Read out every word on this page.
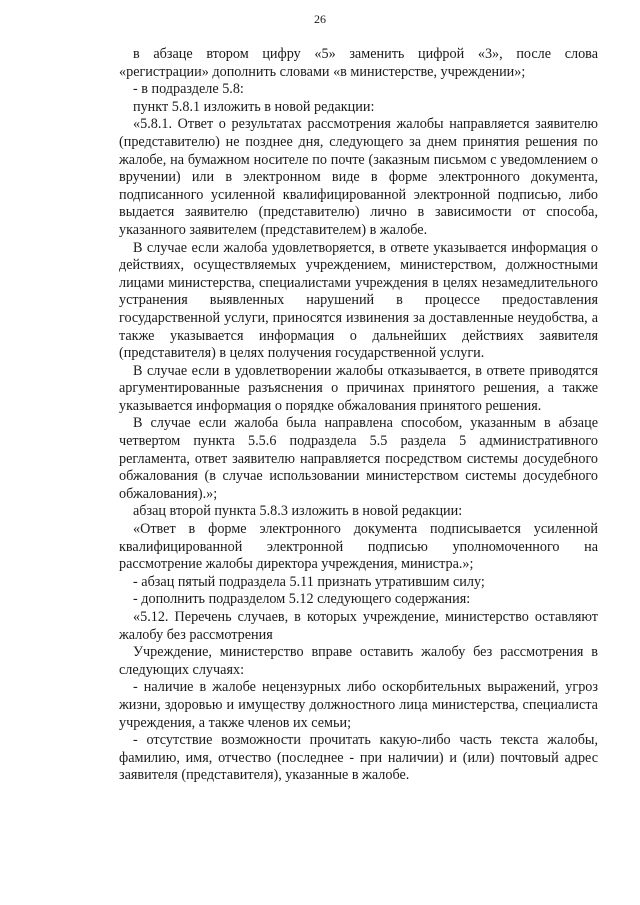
26

в абзаце втором цифру «5» заменить цифрой «3», после слова «регистрации» дополнить словами «в министерстве, учреждении»;

- в подразделе 5.8:

пункт 5.8.1 изложить в новой редакции:

«5.8.1. Ответ о результатах рассмотрения жалобы направляется заявителю (представителю) не позднее дня, следующего за днем принятия решения по жалобе, на бумажном носителе по почте (заказным письмом с уведомлением о вручении) или в электронном виде в форме электронного документа, подписанного усиленной квалифицированной электронной подписью, либо выдается заявителю (представителю) лично в зависимости от способа, указанного заявителем (представителем) в жалобе.

В случае если жалоба удовлетворяется, в ответе указывается информация о действиях, осуществляемых учреждением, министерством, должностными лицами министерства, специалистами учреждения в целях незамедлительного устранения выявленных нарушений в процессе предоставления государственной услуги, приносятся извинения за доставленные неудобства, а также указывается информация о дальнейших действиях заявителя (представителя) в целях получения государственной услуги.

В случае если в удовлетворении жалобы отказывается, в ответе приводятся аргументированные разъяснения о причинах принятого решения, а также указывается информация о порядке обжалования принятого решения.

В случае если жалоба была направлена способом, указанным в абзаце четвертом пункта 5.5.6 подраздела 5.5 раздела 5 административного регламента, ответ заявителю направляется посредством системы досудебного обжалования (в случае использовании министерством системы досудебного обжалования).»;

абзац второй пункта 5.8.3 изложить в новой редакции:

«Ответ в форме электронного документа подписывается усиленной квалифицированной электронной подписью уполномоченного на рассмотрение жалобы директора учреждения, министра.»;

- абзац пятый подраздела 5.11 признать утратившим силу;

- дополнить подразделом 5.12 следующего содержания:

«5.12. Перечень случаев, в которых учреждение, министерство оставляют жалобу без рассмотрения

Учреждение, министерство вправе оставить жалобу без рассмотрения в следующих случаях:

- наличие в жалобе нецензурных либо оскорбительных выражений, угроз жизни, здоровью и имуществу должностного лица министерства, специалиста учреждения, а также членов их семьи;

- отсутствие возможности прочитать какую-либо часть текста жалобы, фамилию, имя, отчество (последнее - при наличии) и (или) почтовый адрес заявителя (представителя), указанные в жалобе.
